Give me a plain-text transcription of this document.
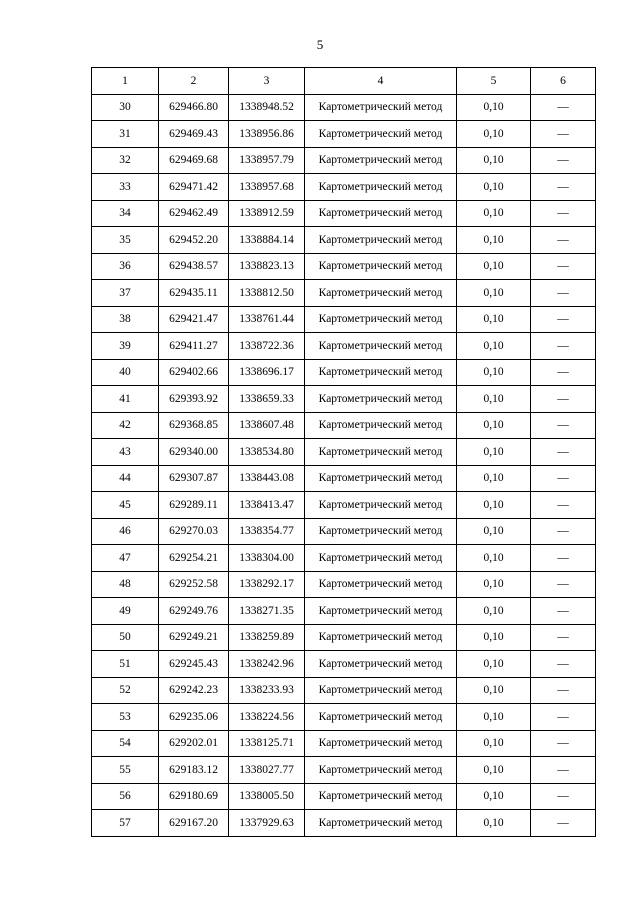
5
1	2	3	4	5	6
30	629466.80	1338948.52	Картометрический метод	0,10	—
31	629469.43	1338956.86	Картометрический метод	0,10	—
32	629469.68	1338957.79	Картометрический метод	0,10	—
33	629471.42	1338957.68	Картометрический метод	0,10	—
34	629462.49	1338912.59	Картометрический метод	0,10	—
35	629452.20	1338884.14	Картометрический метод	0,10	—
36	629438.57	1338823.13	Картометрический метод	0,10	—
37	629435.11	1338812.50	Картометрический метод	0,10	—
38	629421.47	1338761.44	Картометрический метод	0,10	—
39	629411.27	1338722.36	Картометрический метод	0,10	—
40	629402.66	1338696.17	Картометрический метод	0,10	—
41	629393.92	1338659.33	Картометрический метод	0,10	—
42	629368.85	1338607.48	Картометрический метод	0,10	—
43	629340.00	1338534.80	Картометрический метод	0,10	—
44	629307.87	1338443.08	Картометрический метод	0,10	—
45	629289.11	1338413.47	Картометрический метод	0,10	—
46	629270.03	1338354.77	Картометрический метод	0,10	—
47	629254.21	1338304.00	Картометрический метод	0,10	—
48	629252.58	1338292.17	Картометрический метод	0,10	—
49	629249.76	1338271.35	Картометрический метод	0,10	—
50	629249.21	1338259.89	Картометрический метод	0,10	—
51	629245.43	1338242.96	Картометрический метод	0,10	—
52	629242.23	1338233.93	Картометрический метод	0,10	—
53	629235.06	1338224.56	Картометрический метод	0,10	—
54	629202.01	1338125.71	Картометрический метод	0,10	—
55	629183.12	1338027.77	Картометрический метод	0,10	—
56	629180.69	1338005.50	Картометрический метод	0,10	—
57	629167.20	1337929.63	Картометрический метод	0,10	—
